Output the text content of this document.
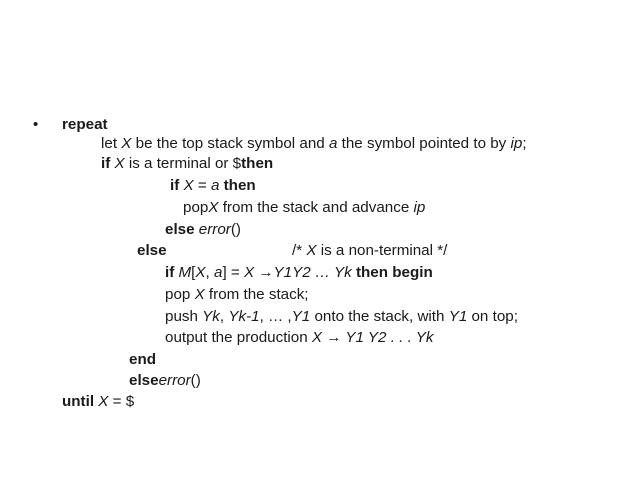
• repeat
let X be the top stack symbol and a the symbol pointed to by ip;
if X is a terminal or $then
if X = a then
popX from the stack and advance ip
else error()
else	/* X is a non-terminal */
if M[X, a] = X →Y1Y2 … Yk then begin
pop X from the stack;
push Yk, Yk-1, … ,Y1 onto the stack, with Y1 on top;
output the production X → Y1 Y2 . . . Yk
end
elseerror()
until X = $
